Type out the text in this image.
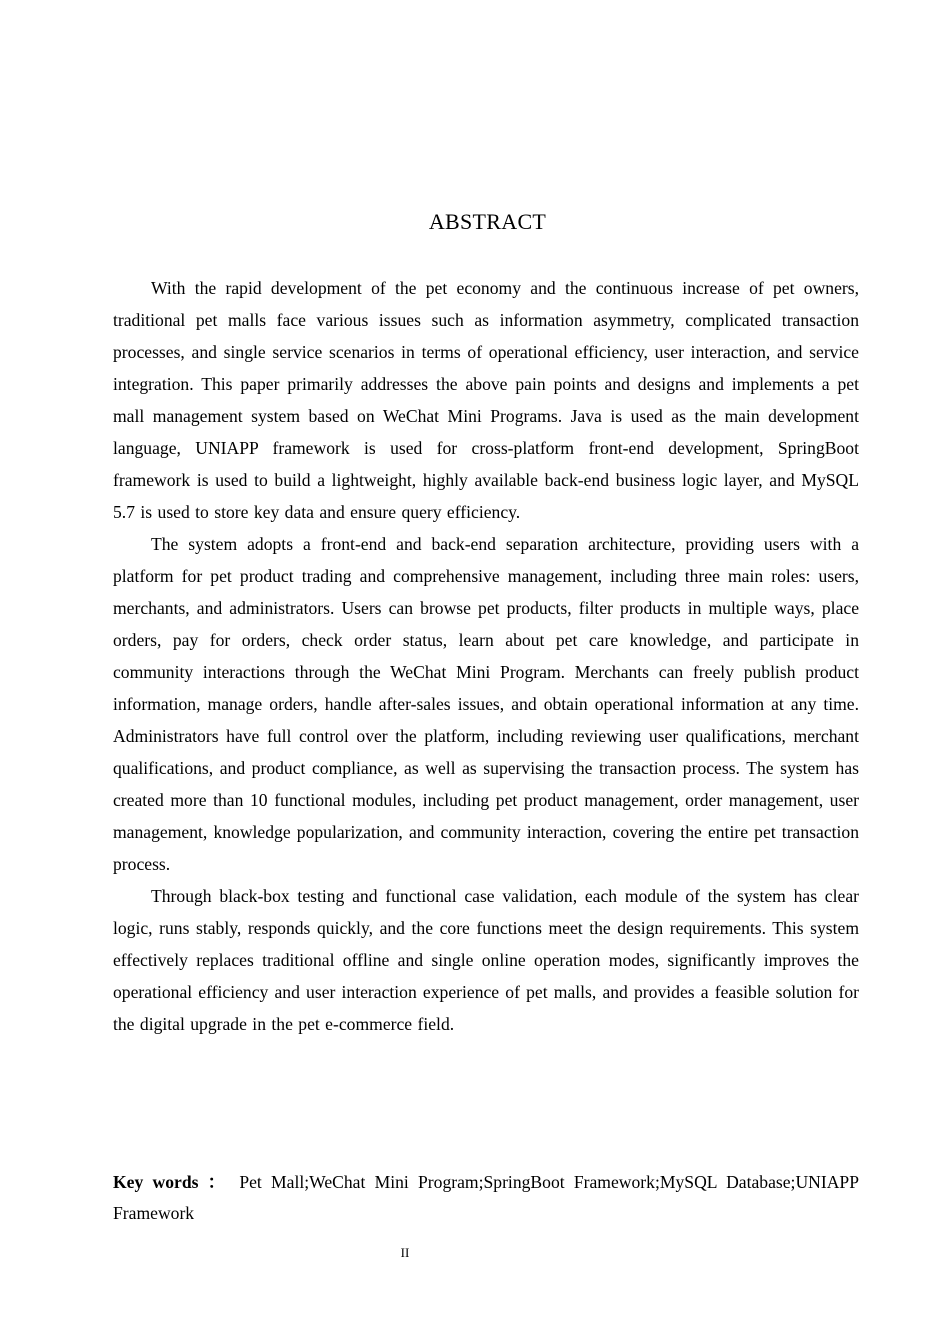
ABSTRACT

With the rapid development of the pet economy and the continuous increase of pet owners, traditional pet malls face various issues such as information asymmetry, complicated transaction processes, and single service scenarios in terms of operational efficiency, user interaction, and service integration. This paper primarily addresses the above pain points and designs and implements a pet mall management system based on WeChat Mini Programs. Java is used as the main development language, UNIAPP framework is used for cross-platform front-end development, SpringBoot framework is used to build a lightweight, highly available back-end business logic layer, and MySQL 5.7 is used to store key data and ensure query efficiency.

The system adopts a front-end and back-end separation architecture, providing users with a platform for pet product trading and comprehensive management, including three main roles: users, merchants, and administrators. Users can browse pet products, filter products in multiple ways, place orders, pay for orders, check order status, learn about pet care knowledge, and participate in community interactions through the WeChat Mini Program. Merchants can freely publish product information, manage orders, handle after-sales issues, and obtain operational information at any time. Administrators have full control over the platform, including reviewing user qualifications, merchant qualifications, and product compliance, as well as supervising the transaction process. The system has created more than 10 functional modules, including pet product management, order management, user management, knowledge popularization, and community interaction, covering the entire pet transaction process.

Through black-box testing and functional case validation, each module of the system has clear logic, runs stably, responds quickly, and the core functions meet the design requirements. This system effectively replaces traditional offline and single online operation modes, significantly improves the operational efficiency and user interaction experience of pet malls, and provides a feasible solution for the digital upgrade in the pet e-commerce field.

Key words ： Pet Mall;WeChat Mini Program;SpringBoot Framework;MySQL Database;UNIAPP Framework
II
